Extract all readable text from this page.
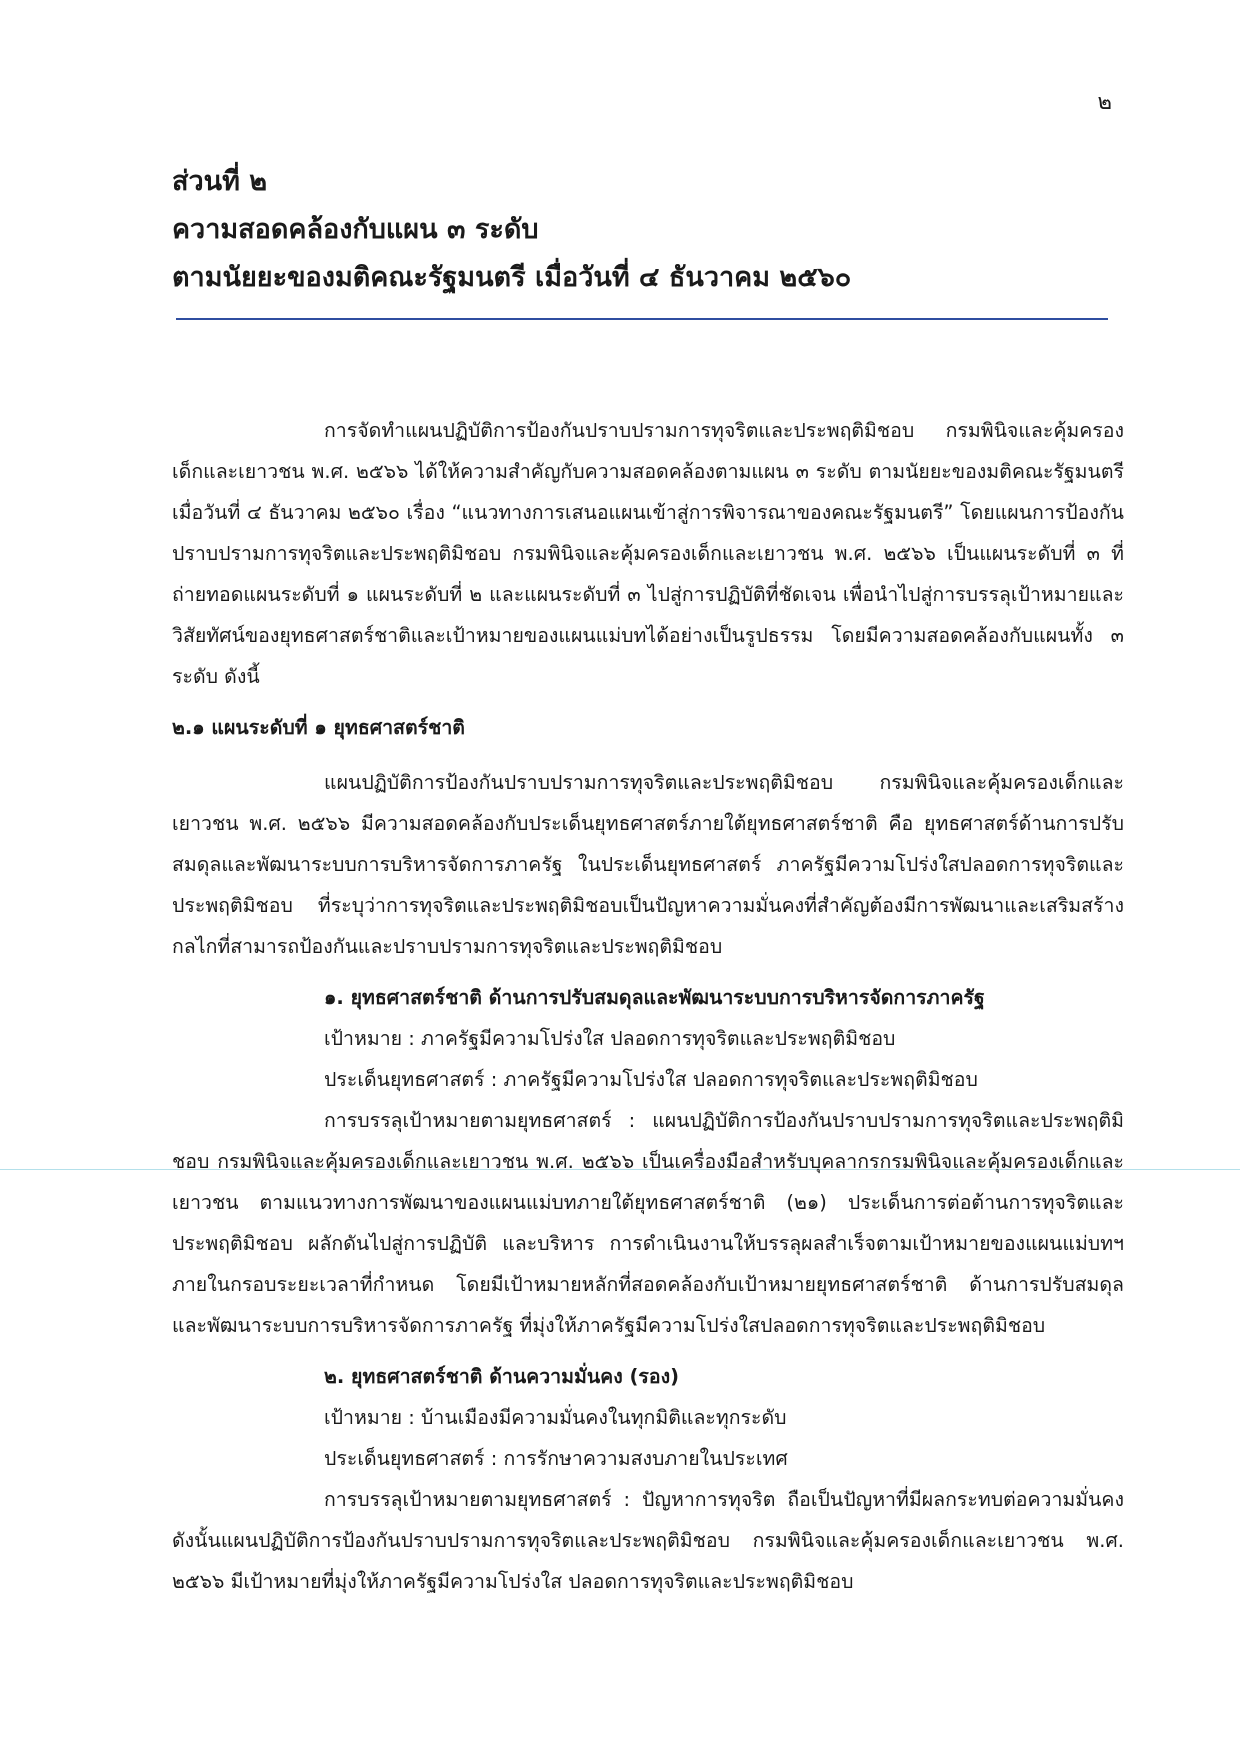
๒
ส่วนที่ ๒
ความสอดคล้องกับแผน ๓ ระดับ
ตามนัยยะของมติคณะรัฐมนตรี เมื่อวันที่ ๔ ธันวาคม ๒๕๖๐

การจัดทำแผนปฏิบัติการป้องกันปราบปรามการทุจริตและประพฤติมิชอบ กรมพินิจและคุ้มครองเด็กและเยาวชน พ.ศ. ๒๕๖๖ ได้ให้ความสำคัญกับความสอดคล้องตามแผน ๓ ระดับ ตามนัยยะของมติคณะรัฐมนตรีเมื่อวันที่ ๔ ธันวาคม ๒๕๖๐ เรื่อง “แนวทางการเสนอแผนเข้าสู่การพิจารณาของคณะรัฐมนตรี” โดยแผนการป้องกันปราบปรามการทุจริตและประพฤติมิชอบ กรมพินิจและคุ้มครองเด็กและเยาวชน พ.ศ. ๒๕๖๖ เป็นแผนระดับที่ ๓ ที่ถ่ายทอดแผนระดับที่ ๑ แผนระดับที่ ๒ และแผนระดับที่ ๓ ไปสู่การปฏิบัติที่ชัดเจน เพื่อนำไปสู่การบรรลุเป้าหมายและวิสัยทัศน์ของยุทธศาสตร์ชาติและเป้าหมายของแผนแม่บทได้อย่างเป็นรูปธรรม โดยมีความสอดคล้องกับแผนทั้ง ๓ ระดับ ดังนี้

๒.๑ แผนระดับที่ ๑ ยุทธศาสตร์ชาติ

แผนปฏิบัติการป้องกันปราบปรามการทุจริตและประพฤติมิชอบ กรมพินิจและคุ้มครองเด็กและเยาวชน พ.ศ. ๒๕๖๖ มีความสอดคล้องกับประเด็นยุทธศาสตร์ภายใต้ยุทธศาสตร์ชาติ คือ ยุทธศาสตร์ด้านการปรับสมดุลและพัฒนาระบบการบริหารจัดการภาครัฐ ในประเด็นยุทธศาสตร์ ภาครัฐมีความโปร่งใสปลอดการทุจริตและประพฤติมิชอบ ที่ระบุว่าการทุจริตและประพฤติมิชอบเป็นปัญหาความมั่นคงที่สำคัญต้องมีการพัฒนาและเสริมสร้างกลไกที่สามารถป้องกันและปราบปรามการทุจริตและประพฤติมิชอบ

๑. ยุทธศาสตร์ชาติ ด้านการปรับสมดุลและพัฒนาระบบการบริหารจัดการภาครัฐ
เป้าหมาย : ภาครัฐมีความโปร่งใส ปลอดการทุจริตและประพฤติมิชอบ
ประเด็นยุทธศาสตร์ : ภาครัฐมีความโปร่งใส ปลอดการทุจริตและประพฤติมิชอบ
การบรรลุเป้าหมายตามยุทธศาสตร์ : แผนปฏิบัติการป้องกันปราบปรามการทุจริตและประพฤติมิชอบ กรมพินิจและคุ้มครองเด็กและเยาวชน พ.ศ. ๒๕๖๖ เป็นเครื่องมือสำหรับบุคลากรกรมพินิจและคุ้มครองเด็กและเยาวชน ตามแนวทางการพัฒนาของแผนแม่บทภายใต้ยุทธศาสตร์ชาติ (๒๑) ประเด็นการต่อต้านการทุจริตและประพฤติมิชอบ ผลักดันไปสู่การปฏิบัติ และบริหาร การดำเนินงานให้บรรลุผลสำเร็จตามเป้าหมายของแผนแม่บทฯ ภายในกรอบระยะเวลาที่กำหนด โดยมีเป้าหมายหลักที่สอดคล้องกับเป้าหมายยุทธศาสตร์ชาติ ด้านการปรับสมดุลและพัฒนาระบบการบริหารจัดการภาครัฐ ที่มุ่งให้ภาครัฐมีความโปร่งใสปลอดการทุจริตและประพฤติมิชอบ
๒. ยุทธศาสตร์ชาติ ด้านความมั่นคง (รอง)
เป้าหมาย : บ้านเมืองมีความมั่นคงในทุกมิติและทุกระดับ
ประเด็นยุทธศาสตร์ : การรักษาความสงบภายในประเทศ
การบรรลุเป้าหมายตามยุทธศาสตร์ : ปัญหาการทุจริต ถือเป็นปัญหาที่มีผลกระทบต่อความมั่นคง ดังนั้นแผนปฏิบัติการป้องกันปราบปรามการทุจริตและประพฤติมิชอบ กรมพินิจและคุ้มครองเด็กและเยาวชน พ.ศ. ๒๕๖๖ มีเป้าหมายที่มุ่งให้ภาครัฐมีความโปร่งใส ปลอดการทุจริตและประพฤติมิชอบ
